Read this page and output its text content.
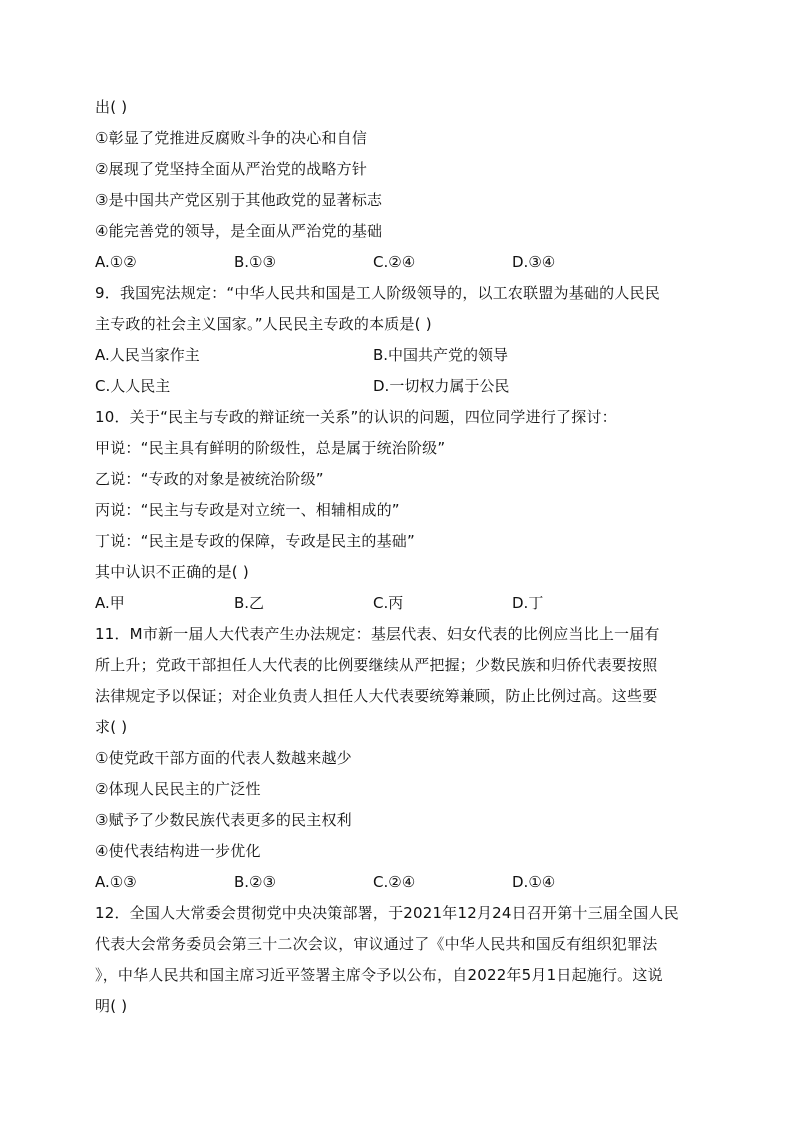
出( )
①彰显了党推进反腐败斗争的决心和自信
②展现了党坚持全面从严治党的战略方针
③是中国共产党区别于其他政党的显著标志
④能完善党的领导，是全面从严治党的基础
A.①②	B.①③	C.②④	D.③④
9．我国宪法规定：“中华人民共和国是工人阶级领导的，以工农联盟为基础的人民民
主专政的社会主义国家。”人民民主专政的本质是( )
A.人民当家作主	B.中国共产党的领导
C.人人民主	D.一切权力属于公民
10．关于“民主与专政的辩证统一关系”的认识的问题，四位同学进行了探讨：
甲说：“民主具有鲜明的阶级性，总是属于统治阶级”
乙说：“专政的对象是被统治阶级”
丙说：“民主与专政是对立统一、相辅相成的”
丁说：“民主是专政的保障，专政是民主的基础”
其中认识不正确的是( )
A.甲	B.乙	C.丙	D.丁
11．M市新一届人大代表产生办法规定：基层代表、妇女代表的比例应当比上一届有
所上升；党政干部担任人大代表的比例要继续从严把握；少数民族和归侨代表要按照
法律规定予以保证；对企业负责人担任人大代表要统筹兼顾，防止比例过高。这些要
求( )
①使党政干部方面的代表人数越来越少
②体现人民民主的广泛性
③赋予了少数民族代表更多的民主权利
④使代表结构进一步优化
A.①③	B.②③	C.②④	D.①④
12．全国人大常委会贯彻党中央决策部署，于2021年12月24日召开第十三届全国人民
代表大会常务委员会第三十二次会议，审议通过了《中华人民共和国反有组织犯罪法
》，中华人民共和国主席习近平签署主席令予以公布，自2022年5月1日起施行。这说
明( )
